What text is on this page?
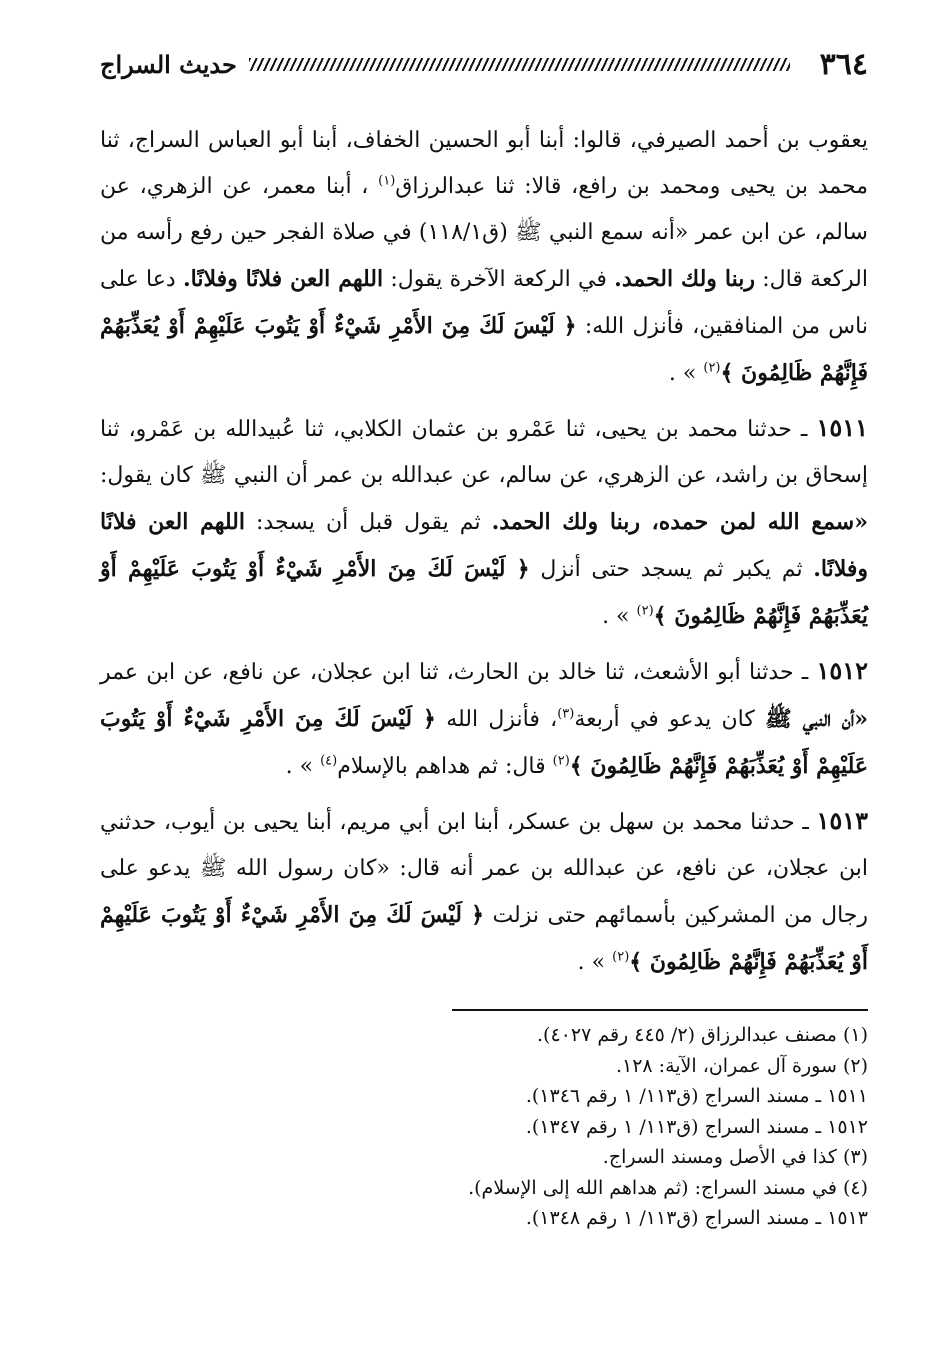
٣٦٤
حديث السراج

يعقوب بن أحمد الصيرفي، قالوا: أبنا أبو الحسين الخفاف، أبنا أبو العباس السراج، ثنا محمد بن يحيى ومحمد بن رافع، قالا: ثنا عبدالرزاق$^{(١)}$ ، أبنا معمر، عن الزهري، عن سالم، عن ابن عمر «أنه سمع النبي ﷺ (ق١١٨/١) في صلاة الفجر حين رفع رأسه من الركعة قال: ربنا ولك الحمد. في الركعة الآخرة يقول: اللهم العن فلانًا وفلانًا. دعا على ناس من المنافقين، فأنزل الله: ﴿ لَيْسَ لَكَ مِنَ الأَمْرِ شَيْءٌ أَوْ يَتُوبَ عَلَيْهِمْ أَوْ يُعَذِّبَهُمْ فَإِنَّهُمْ ظَالِمُونَ ﴾$^{(٢)}$ » .

١٥١١ ـ حدثنا محمد بن يحيى، ثنا عَمْرو بن عثمان الكلابي، ثنا عُبيدالله بن عَمْرو، ثنا إسحاق بن راشد، عن الزهري، عن سالم، عن عبدالله بن عمر أن النبي ﷺ كان يقول: «سمع الله لمن حمده، ربنا ولك الحمد. ثم يقول قبل أن يسجد: اللهم العن فلانًا وفلانًا. ثم يكبر ثم يسجد حتى أنزل ﴿ لَيْسَ لَكَ مِنَ الأَمْرِ شَيْءٌ أَوْ يَتُوبَ عَلَيْهِمْ أَوْ يُعَذِّبَهُمْ فَإِنَّهُمْ ظَالِمُونَ ﴾$^{(٢)}$ » .

١٥١٢ ـ حدثنا أبو الأشعث، ثنا خالد بن الحارث، ثنا ابن عجلان، عن نافع، عن ابن عمر «أن النبي ﷺ كان يدعو في أربعة$^{(٣)}$، فأنزل الله ﴿ لَيْسَ لَكَ مِنَ الأَمْرِ شَيْءٌ أَوْ يَتُوبَ عَلَيْهِمْ أَوْ يُعَذِّبَهُمْ فَإِنَّهُمْ ظَالِمُونَ ﴾$^{(٢)}$ قال: ثم هداهم بالإسلام$^{(٤)}$ » .

١٥١٣ ـ حدثنا محمد بن سهل بن عسكر، أبنا ابن أبي مريم، أبنا يحيى بن أيوب، حدثني ابن عجلان، عن نافع، عن عبدالله بن عمر أنه قال: «كان رسول الله ﷺ يدعو على رجال من المشركين بأسمائهم حتى نزلت ﴿ لَيْسَ لَكَ مِنَ الأَمْرِ شَيْءٌ أَوْ يَتُوبَ عَلَيْهِمْ أَوْ يُعَذِّبَهُمْ فَإِنَّهُمْ ظَالِمُونَ ﴾$^{(٢)}$ » .

(١) مصنف عبدالرزاق (٢/ ٤٤٥ رقم ٤٠٢٧).
(٢) سورة آل عمران، الآية: ١٢٨.
١٥١١ ـ مسند السراج (ق١١٣/ ١ رقم ١٣٤٦).
١٥١٢ ـ مسند السراج (ق١١٣/ ١ رقم ١٣٤٧).
(٣) كذا في الأصل ومسند السراج.
(٤) في مسند السراج: (ثم هداهم الله إلى الإسلام).
١٥١٣ ـ مسند السراج (ق١١٣/ ١ رقم ١٣٤٨).
